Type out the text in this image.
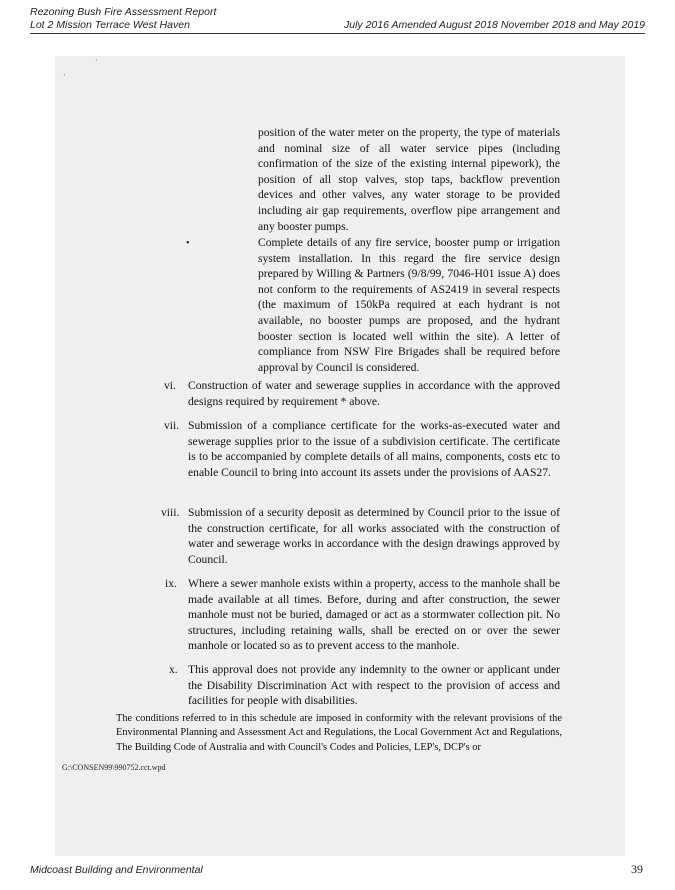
Rezoning Bush Fire Assessment Report
Lot 2 Mission Terrace West Haven	July 2016 Amended August 2018 November 2018 and May 2019
,
'

position of the water meter on the property, the type of materials and nominal size of all water service pipes (including confirmation of the size of the existing internal pipework), the position of all stop valves, stop taps, backflow prevention devices and other valves, any water storage to be provided including air gap requirements, overflow pipe arrangement and any booster pumps.

•	Complete details of any fire service, booster pump or irrigation system installation. In this regard the fire service design prepared by Willing & Partners (9/8/99, 7046-H01 issue A) does not conform to the requirements of AS2419 in several respects (the maximum of 150kPa required at each hydrant is not available, no booster pumps are proposed, and the hydrant booster section is located well within the site). A letter of compliance from NSW Fire Brigades shall be required before approval by Council is considered.

vi. Construction of water and sewerage supplies in accordance with the approved designs required by requirement * above.

vii. Submission of a compliance certificate for the works-as-executed water and sewerage supplies prior to the issue of a subdivision certificate. The certificate is to be accompanied by complete details of all mains, components, costs etc to enable Council to bring into account its assets under the provisions of AAS27.

viii. Submission of a security deposit as determined by Council prior to the issue of the construction certificate, for all works associated with the construction of water and sewerage works in accordance with the design drawings approved by Council.

ix. Where a sewer manhole exists within a property, access to the manhole shall be made available at all times. Before, during and after construction, the sewer manhole must not be buried, damaged or act as a stormwater collection pit. No structures, including retaining walls, shall be erected on or over the sewer manhole or located so as to prevent access to the manhole.

x. This approval does not provide any indemnity to the owner or applicant under the Disability Discrimination Act with respect to the provision of access and facilities for people with disabilities.

The conditions referred to in this schedule are imposed in conformity with the relevant provisions of the Environmental Planning and Assessment Act and Regulations, the Local Government Act and Regulations, The Building Code of Australia and with Council's Codes and Policies, LEP's, DCP's or

G:\CONSEN99\990752.cct.wpd
Midcoast Building and Environmental	39
